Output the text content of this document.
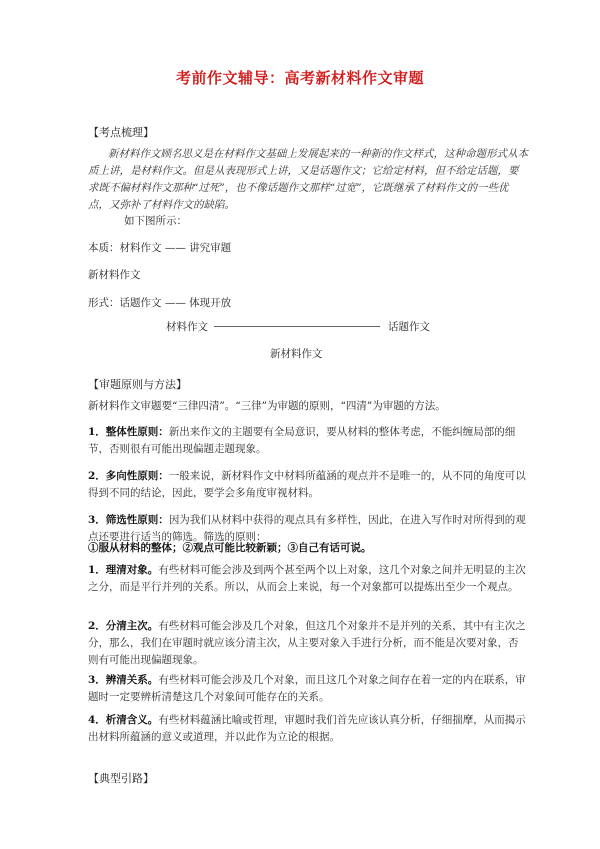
考前作文辅导：高考新材料作文审题
【考点梳理】
新材料作文顾名思义是在材料作文基础上发展起来的一种新的作文样式，这种命题形式从本质上讲，是材料作文。但是从表现形式上讲，又是话题作文；它给定材料，但不给定话题，要求既不偏材料作文那种“过死”，也不像话题作文那样“过宽”，它既继承了材料作文的一些优点，又弥补了材料作文的缺陷。
如下图所示：
本质：材料作文 —— 讲究审题
新材料作文
形式：话题作文 —— 体现开放
材料作文	话题作文
新材料作文
【审题原则与方法】
新材料作文审题要“三律四清”。“三律”为审题的原则，“四清”为审题的方法。
1．整体性原则：新出来作文的主题要有全局意识，要从材料的整体考虑，不能纠缠局部的细节，否则很有可能出现偏题走题现象。
2．多向性原则：一般来说，新材料作文中材料所蕴涵的观点并不是唯一的，从不同的角度可以得到不同的结论，因此，要学会多角度审视材料。
3．筛选性原则：因为我们从材料中获得的观点具有多样性，因此，在进入写作时对所得到的观点还要进行适当的筛选。筛选的原则：
①服从材料的整体；②观点可能比较新颖；③自己有话可说。
1．理清对象。有些材料可能会涉及到两个甚至两个以上对象，这几个对象之间并无明显的主次之分，而是平行并列的关系。所以，从而会上来说，每一个对象都可以提炼出至少一个观点。
2．分清主次。有些材料可能会涉及几个对象，但这几个对象并不是并列的关系，其中有主次之分，那么，我们在审题时就应该分清主次，从主要对象入手进行分析，而不能是次要对象，否则有可能出现偏题现象。
3．辨清关系。有些材料可能会涉及几个对象，而且这几个对象之间存在着一定的内在联系，审题时一定要辨析清楚这几个对象间可能存在的关系。
4．析清含义。有些材料蕴涵比喻或哲理，审题时我们首先应该认真分析，仔细揣摩，从而揭示出材料所蕴涵的意义或道理，并以此作为立论的根据。
【典型引路】
